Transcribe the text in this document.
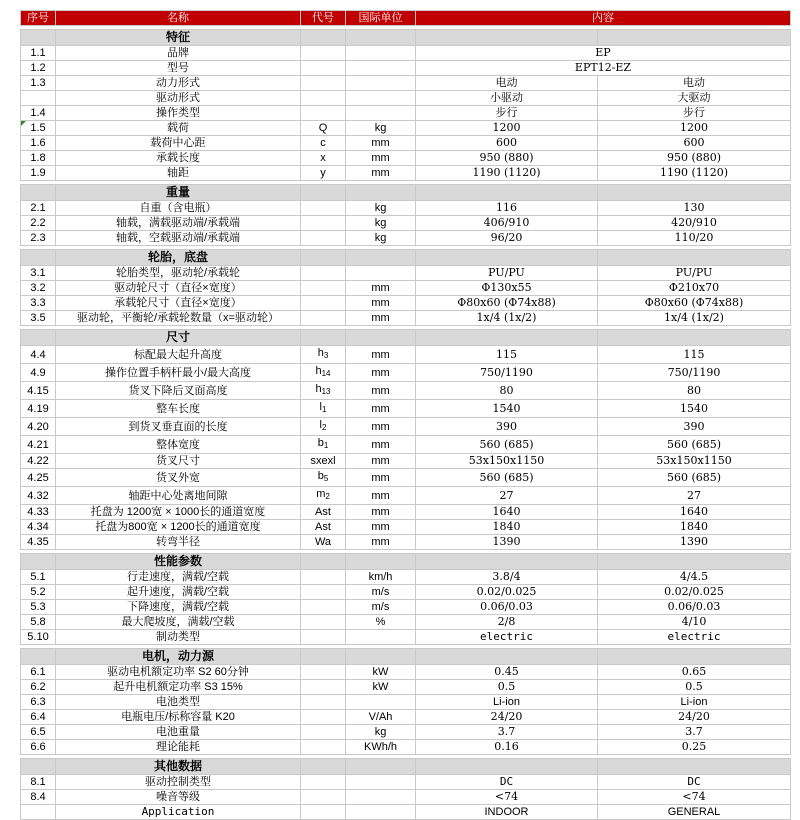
序号	名称	代号	国际单位	内容	

	特征				
1.1	品牌			EP	
1.2	型号			EPT12-EZ	
1.3	动力形式			电动	电动
	驱动形式			小驱动	大驱动
1.4	操作类型			步行	步行
1.5	载荷	Q	kg	1200	1200
1.6	载荷中心距	c	mm	600	600
1.8	承载长度	x	mm	950 (880)	950 (880)
1.9	轴距	y	mm	1190 (1120)	1190 (1120)

	重量				
2.1	自重（含电瓶）		kg	116	130
2.2	轴载，满载驱动端/承载端		kg	406/910	420/910
2.3	轴载，空载驱动端/承载端		kg	96/20	110/20

	轮胎，底盘				
3.1	轮胎类型，驱动轮/承载轮			PU/PU	PU/PU
3.2	驱动轮尺寸（直径×宽度）		mm	Φ130x55	Φ210x70
3.3	承载轮尺寸（直径×宽度）		mm	Φ80x60 (Φ74x88)	Φ80x60 (Φ74x88)
3.5	驱动轮，平衡轮/承载轮数量（x=驱动轮）		mm	1x/4 (1x/2)	1x/4 (1x/2)

	尺寸				
4.4	标配最大起升高度	$h_3$	mm	115	115
4.9	操作位置手柄杆最小/最大高度	$h_{14}$	mm	750/1190	750/1190
4.15	货叉下降后叉面高度	$h_{13}$	mm	80	80
4.19	整车长度	$l_1$	mm	1540	1540
4.20	到货叉垂直面的长度	$l_2$	mm	390	390
4.21	整体宽度	$b_1$	mm	560 (685)	560 (685)
4.22	货叉尺寸	sxexl	mm	53x150x1150	53x150x1150
4.25	货叉外宽	$b_5$	mm	560 (685)	560 (685)
4.32	轴距中心处离地间隙	$m_2$	mm	27	27
4.33	托盘为 1200宽 × 1000长的通道宽度	Ast	mm	1640	1640
4.34	托盘为800宽 × 1200长的通道宽度	Ast	mm	1840	1840
4.35	转弯半径	Wa	mm	1390	1390

	性能参数				
5.1	行走速度，满载/空载		km/h	3.8/4	4/4.5
5.2	起升速度，满载/空载		m/s	0.02/0.025	0.02/0.025
5.3	下降速度，满载/空载		m/s	0.06/0.03	0.06/0.03
5.8	最大爬坡度，满载/空载		%	2/8	4/10
5.10	制动类型			electric	electric

	电机，动力源				
6.1	驱动电机额定功率 S2 60分钟		kW	0.45	0.65
6.2	起升电机额定功率 S3 15%		kW	0.5	0.5
6.3	电池类型			Li-ion	Li-ion
6.4	电瓶电压/标称容量 K20		V/Ah	24/20	24/20
6.5	电池重量		kg	3.7	3.7
6.6	理论能耗		KWh/h	0.16	0.25

	其他数据				
8.1	驱动控制类型			DC	DC
8.4	噪音等级			<74	<74
	Application			INDOOR	GENERAL
